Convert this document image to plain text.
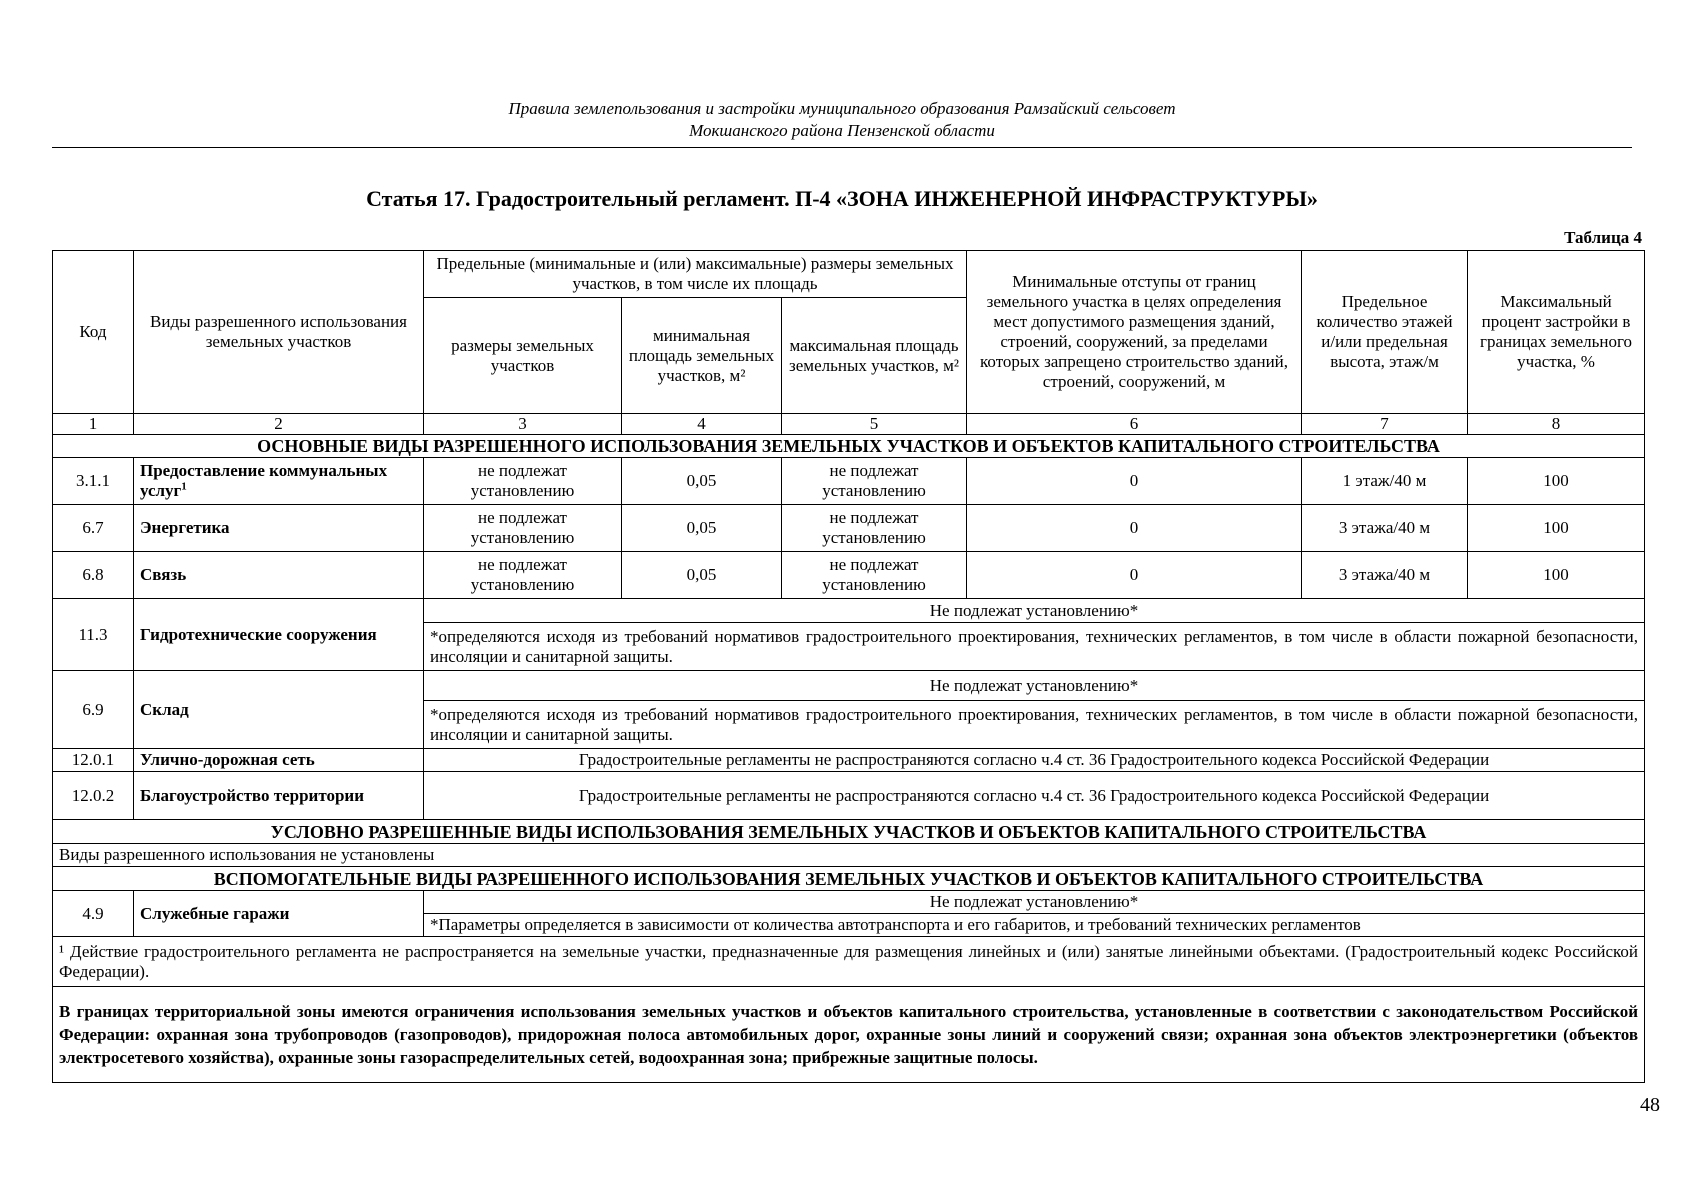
Правила землепользования и застройки муниципального образования Рамзайский сельсовет
Мокшанского района Пензенской области
Статья 17. Градостроительный регламент. П-4 «ЗОНА ИНЖЕНЕРНОЙ ИНФРАСТРУКТУРЫ»
Таблица 4
Код	Виды разрешенного использования земельных участков	Предельные (минимальные и (или) максимальные) размеры земельных участков, в том числе их площадь			Минимальные отступы от границ земельного участка в целях определения мест допустимого размещения зданий, строений, сооружений, за пределами которых запрещено строительство зданий, строений, сооружений, м	Предельное количество этажей и/или предельная высота, этаж/м	Максимальный процент застройки в границах земельного участка, %
		размеры земельных участков	минимальная площадь земельных участков, м²	максимальная площадь земельных участков, м²			
1	2	3	4	5	6	7	8
ОСНОВНЫЕ ВИДЫ РАЗРЕШЕННОГО ИСПОЛЬЗОВАНИЯ ЗЕМЕЛЬНЫХ УЧАСТКОВ И ОБЪЕКТОВ КАПИТАЛЬНОГО СТРОИТЕЛЬСТВА							
3.1.1	Предоставление коммунальных услуг$^1$	не подлежат установлению	0,05	не подлежат установлению	0	1 этаж/40 м	100
6.7	Энергетика	не подлежат установлению	0,05	не подлежат установлению	0	3 этажа/40 м	100
6.8	Связь	не подлежат установлению	0,05	не подлежат установлению	0	3 этажа/40 м	100
11.3	Гидротехнические сооружения	Не подлежат установлению*					
		*определяются исходя из требований нормативов градостроительного проектирования, технических регламентов, в том числе в области пожарной безопасности, инсоляции и санитарной защиты.					
6.9	Склад	Не подлежат установлению*					
		*определяются исходя из требований нормативов градостроительного проектирования, технических регламентов, в том числе в области пожарной безопасности, инсоляции и санитарной защиты.					
12.0.1	Улично-дорожная сеть	Градостроительные регламенты не распространяются согласно ч.4 ст. 36 Градостроительного кодекса Российской Федерации					
12.0.2	Благоустройство территории	Градостроительные регламенты не распространяются согласно ч.4 ст. 36 Градостроительного кодекса Российской Федерации					
УСЛОВНО РАЗРЕШЕННЫЕ ВИДЫ ИСПОЛЬЗОВАНИЯ ЗЕМЕЛЬНЫХ УЧАСТКОВ И ОБЪЕКТОВ КАПИТАЛЬНОГО СТРОИТЕЛЬСТВА							
Виды разрешенного использования не установлены							
ВСПОМОГАТЕЛЬНЫЕ ВИДЫ РАЗРЕШЕННОГО ИСПОЛЬЗОВАНИЯ ЗЕМЕЛЬНЫХ УЧАСТКОВ И ОБЪЕКТОВ КАПИТАЛЬНОГО СТРОИТЕЛЬСТВА							
4.9	Служебные гаражи	Не подлежат установлению*					
		*Параметры определяется в зависимости от количества автотранспорта и его габаритов, и требований технических регламентов					
¹ Действие градостроительного регламента не распространяется на земельные участки, предназначенные для размещения линейных и (или) занятые линейными объектами. (Градостроительный кодекс Российской Федерации).							
В границах территориальной зоны имеются ограничения использования земельных участков и объектов капитального строительства, установленные в соответствии с законодательством Российской Федерации: охранная зона трубопроводов (газопроводов), придорожная полоса автомобильных дорог, охранные зоны линий и сооружений связи; охранная зона объектов электроэнергетики (объектов электросетевого хозяйства), охранные зоны газораспределительных сетей, водоохранная зона; прибрежные защитные полосы.							
48
